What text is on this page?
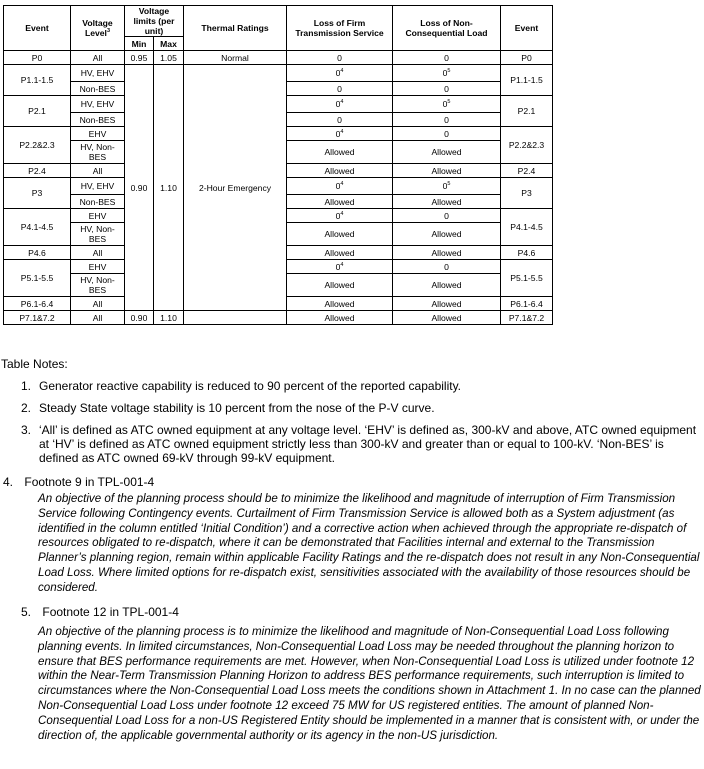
Event	Voltage Level$^3$	Voltage limits (per unit)		Thermal Ratings	Loss of Firm Transmission Service	Loss of Non-Consequential Load	Event
		Min	Max				
P0	All	0.95	1.05	Normal	0	0	P0
P1.1-1.5	HV, EHV	0.90	1.10	2-Hour Emergency	$0^4$	$0^5$	P1.1-1.5
	Non-BES				0	0	
P2.1	HV, EHV				$0^4$	$0^5$	P2.1
	Non-BES				0	0	
P2.2&2.3	EHV				$0^4$	0	P2.2&2.3
	HV, Non-BES				Allowed	Allowed	
P2.4	All				Allowed	Allowed	P2.4
P3	HV, EHV				$0^4$	$0^5$	P3
	Non-BES				Allowed	Allowed	
P4.1-4.5	EHV				$0^4$	0	P4.1-4.5
	HV, Non-BES				Allowed	Allowed	
P4.6	All				Allowed	Allowed	P4.6
P5.1-5.5	EHV				$0^4$	0	P5.1-5.5
	HV, Non-BES				Allowed	Allowed	
P6.1-6.4	All				Allowed	Allowed	P6.1-6.4
P7.1&7.2	All	0.90	1.10		Allowed	Allowed	P7.1&7.2
Table Notes:
1. Generator reactive capability is reduced to 90 percent of the reported capability.
2. Steady State voltage stability is 10 percent from the nose of the P-V curve.
3. ‘All’ is defined as ATC owned equipment at any voltage level. ‘EHV’ is defined as, 300-kV and above, ATC owned equipment at ‘HV’ is defined as ATC owned equipment strictly less than 300-kV and greater than or equal to 100-kV. ‘Non-BES’ is defined as ATC owned 69-kV through 99-kV equipment.
4. Footnote 9 in TPL-001-4
An objective of the planning process should be to minimize the likelihood and magnitude of interruption of Firm Transmission Service following Contingency events. Curtailment of Firm Transmission Service is allowed both as a System adjustment (as identified in the column entitled ‘Initial Condition’) and a corrective action when achieved through the appropriate re-dispatch of resources obligated to re-dispatch, where it can be demonstrated that Facilities internal and external to the Transmission Planner’s planning region, remain within applicable Facility Ratings and the re-dispatch does not result in any Non-Consequential Load Loss. Where limited options for re-dispatch exist, sensitivities associated with the availability of those resources should be considered.
5. Footnote 12 in TPL-001-4
An objective of the planning process is to minimize the likelihood and magnitude of Non-Consequential Load Loss following planning events. In limited circumstances, Non-Consequential Load Loss may be needed throughout the planning horizon to ensure that BES performance requirements are met. However, when Non-Consequential Load Loss is utilized under footnote 12 within the Near-Term Transmission Planning Horizon to address BES performance requirements, such interruption is limited to circumstances where the Non-Consequential Load Loss meets the conditions shown in Attachment 1. In no case can the planned Non-Consequential Load Loss under footnote 12 exceed 75 MW for US registered entities. The amount of planned Non-Consequential Load Loss for a non-US Registered Entity should be implemented in a manner that is consistent with, or under the direction of, the applicable governmental authority or its agency in the non-US jurisdiction.
